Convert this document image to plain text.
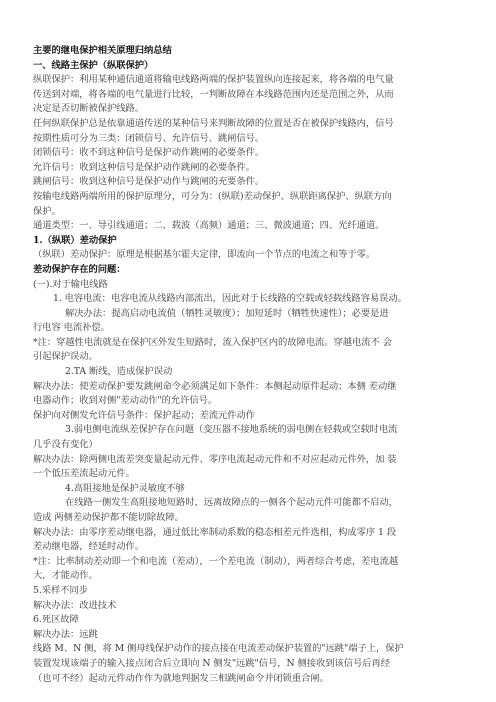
主要的继电保护相关原理归纳总结
一、线路主保护（纵联保护）
纵联保护：利用某种通信通道将输电线路两端的保护装置纵向连接起来，将各端的电气量
传送到对端，将各端的电气量进行比较，一判断故障在本线路范围内还是范围之外，从而
决定是否切断被保护线路。
任何纵联保护总是依靠通道传送的某种信号来判断故障的位置是否在被保护线路内，信号
按期性质可分为三类：闭锁信号、允许信号、跳闸信号。
闭锁信号：收不到这种信号是保护动作跳闸的必要条件。
允许信号：收到这种信号是保护动作跳闸的必要条件。
跳闸信号：收到这种信号是保护动作与跳闸的充要条件。
按输电线路两端所用的保护原理分，可分为：(纵联)差动保护、纵联距离保护、纵联方向
保护。
通道类型：一、导引线通道；二、载波（高频）通道；三、微波通道；四、光纤通道。
1.（纵联）差动保护
（纵联）差动保护：原理是根据基尔霍夫定律，即流向一个节点的电流之和等于零。
差动保护存在的问题：
(一).对于输电线路
1. 电容电流：电容电流从线路内部流出，因此对于长线路的空载或轻载线路容易误动。
解决办法：提高启动电流值（牺牲灵敏度）；加短延时（牺牲快速性）；必要是进
行电容 电流补偿。
*注：穿越性电流就是在保护区外发生短路时，流入保护区内的故障电流。穿越电流不 会
引起保护误动。
2.TA 断线，造成保护误动
解决办法：使差动保护要发跳闸命令必须满足如下条件：本侧起动原件起动；本侧 差动继
电器动作；收到对侧"差动动作"的允许信号。
保护向对侧发允许信号条件：保护起动；差流元件动作
3.弱电侧电流纵差保护存在问题（变压器不接地系统的弱电侧在轻载或空载时电流
几乎没有变化）
解决办法：除两侧电流差突变量起动元件、零序电流起动元件和不对应起动元件外，加 装
一个低压差流起动元件。
4.高阻接地是保护灵敏度不够
在线路一侧发生高阻接地短路时，远离故障点的一侧各个起动元件可能都不启动，
造成 两侧差动保护都不能切除故障。
解决办法：由零序差动继电器，通过低比率制动系数的稳态相差元件选相，构成零序 1 段
差动继电器，经延时动作。
*注：比率制动差动即一个和电流（差动），一个差电流（制动），两者综合考虑，差电流越
大，才能动作。
5.采样不同步
解决办法：改进技术
6.死区故障
解决办法：远跳
线路 M、N 侧，将 M 侧母线保护动作的接点接在电流差动保护装置的"远跳"端子上，保护
装置发现该端子的输入接点闭合后立即向 N 侧发"远跳"信号，N 侧接收到该信号后再经
（也可不经）起动元件动作作为就地判据发三相跳闸命令并闭锁重合闸。
